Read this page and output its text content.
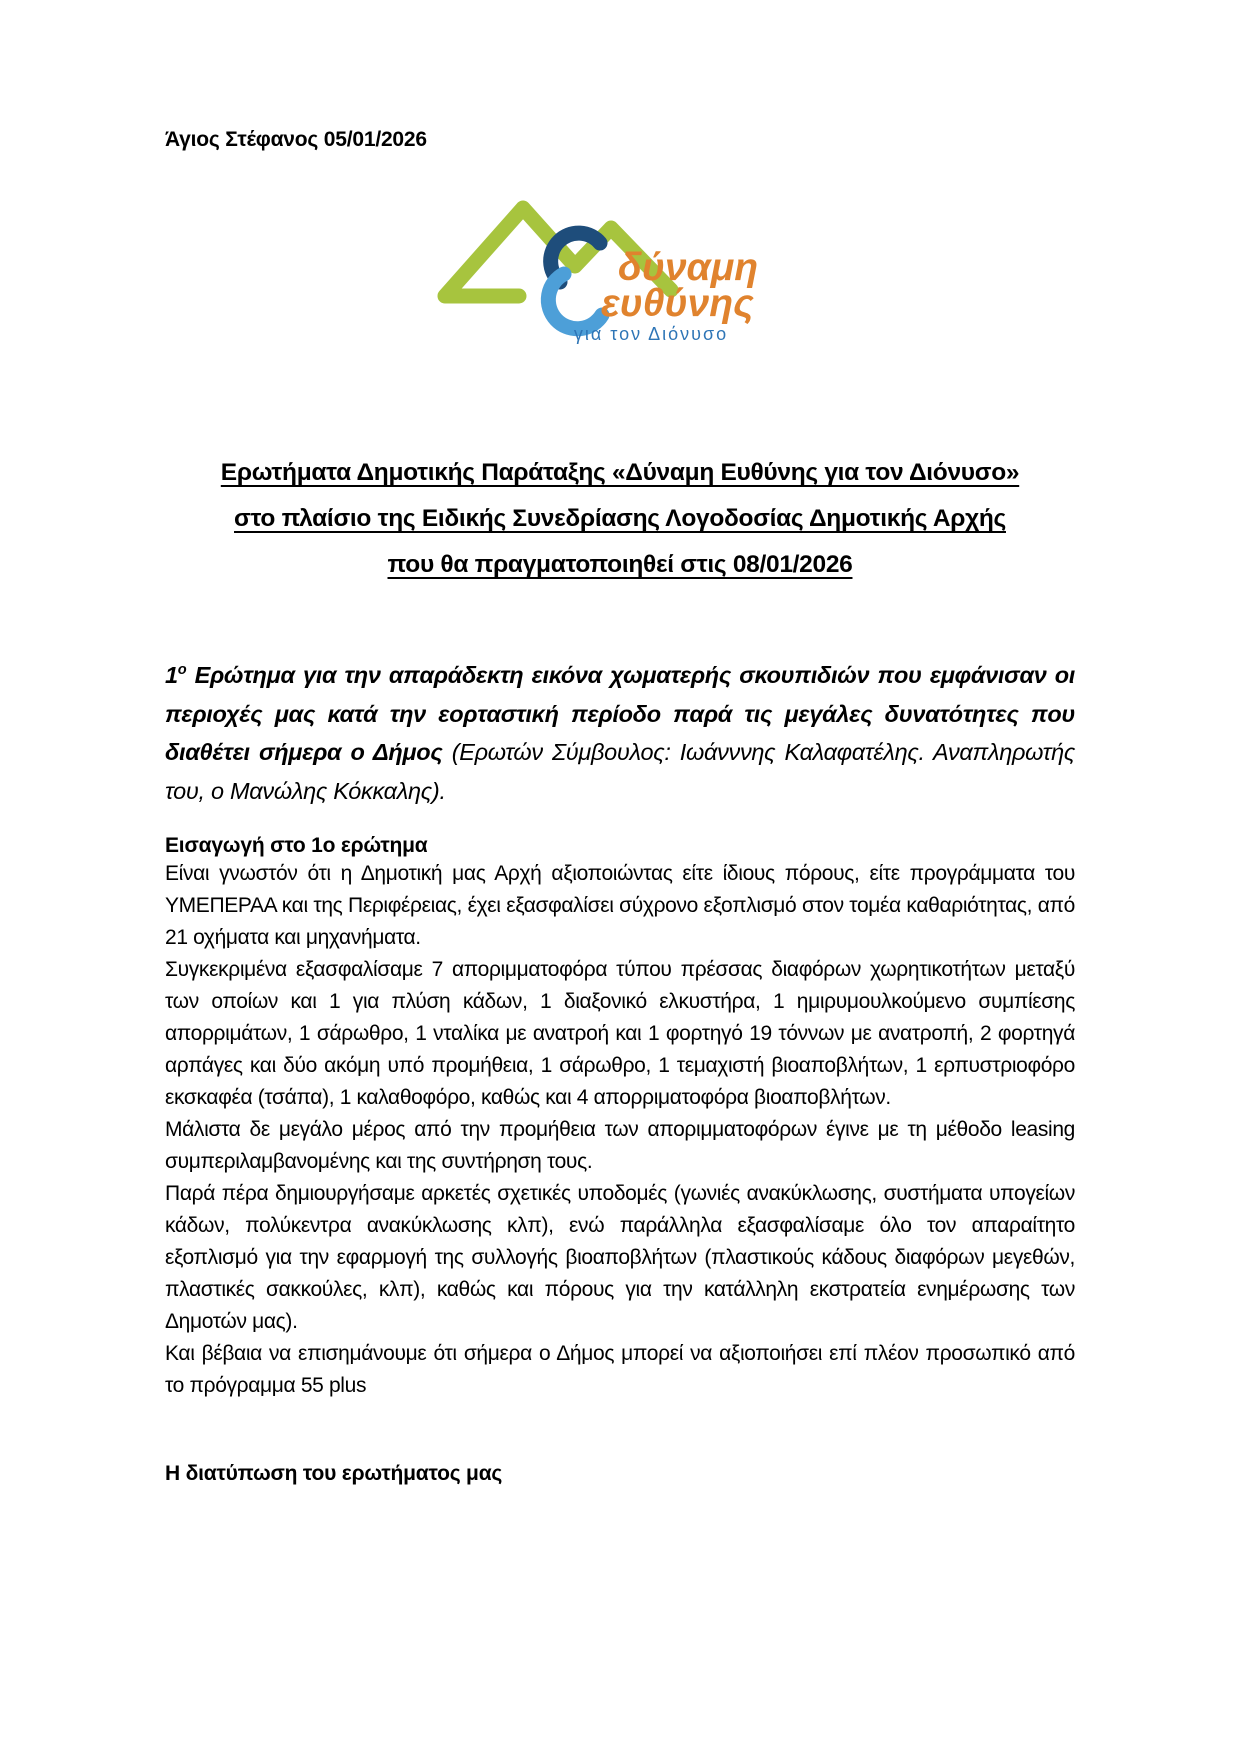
Άγιος Στέφανος 05/01/2026

δύναμη
ευθύνης
για τον Διόνυσο
Ερωτήματα Δημοτικής Παράταξης «Δύναμη Ευθύνης για τον Διόνυσο»
στο πλαίσιο της Ειδικής Συνεδρίασης Λογοδοσίας Δημοτικής Αρχής
που θα πραγματοποιηθεί στις 08/01/2026
$1^o$ Ερώτημα για την απαράδεκτη εικόνα χωματερής σκουπιδιών που εμφάνισαν οι περιοχές μας κατά την εορταστική περίοδο παρά τις μεγάλες δυνατότητες που διαθέτει σήμερα ο Δήμος (Ερωτών Σύμβουλος: Ιωάνννης Καλαφατέλης. Αναπληρωτής του, ο Μανώλης Κόκκαλης).

Εισαγωγή στο 1ο ερώτημα

Είναι γνωστόν ότι η Δημοτική μας Αρχή αξιοποιώντας είτε ίδιους πόρους, είτε προγράμματα του ΥΜΕΠΕΡΑΑ και της Περιφέρειας, έχει εξασφαλίσει σύχρονο εξοπλισμό στον τομέα καθαριότητας, από 21 οχήματα και μηχανήματα.

Συγκεκριμένα εξασφαλίσαμε 7 αποριμματοφόρα τύπου πρέσσας διαφόρων χωρητικοτήτων μεταξύ των οποίων και 1 για πλύση κάδων, 1 διαξονικό ελκυστήρα, 1 ημιρυμουλκούμενο συμπίεσης απορριμάτων, 1 σάρωθρο, 1 νταλίκα με ανατροή και 1 φορτηγό 19 τόννων με ανατροπή, 2 φορτηγά αρπάγες και δύο ακόμη υπό προμήθεια, 1 σάρωθρο, 1 τεμαχιστή βιοαποβλήτων, 1 ερπυστριοφόρο εκσκαφέα (τσάπα), 1 καλαθοφόρο, καθώς και 4 απορριματοφόρα βιοαποβλήτων.

Μάλιστα δε μεγάλο μέρος από την προμήθεια των αποριμματοφόρων έγινε με τη μέθοδο leasing συμπεριλαμβανομένης και της συντήρηση τους.

Παρά πέρα δημιουργήσαμε αρκετές σχετικές υποδομές (γωνιές ανακύκλωσης, συστήματα υπογείων κάδων, πολύκεντρα ανακύκλωσης κλπ), ενώ παράλληλα εξασφαλίσαμε όλο τον απαραίτητο εξοπλισμό για την εφαρμογή της συλλογής βιοαποβλήτων (πλαστικούς κάδους διαφόρων μεγεθών, πλαστικές σακκούλες, κλπ), καθώς και πόρους για την κατάλληλη εκστρατεία ενημέρωσης των Δημοτών μας).

Και βέβαια να επισημάνουμε ότι σήμερα ο Δήμος μπορεί να αξιοποιήσει επί πλέον προσωπικό από το πρόγραμμα 55 plus

Η διατύπωση του ερωτήματος μας
